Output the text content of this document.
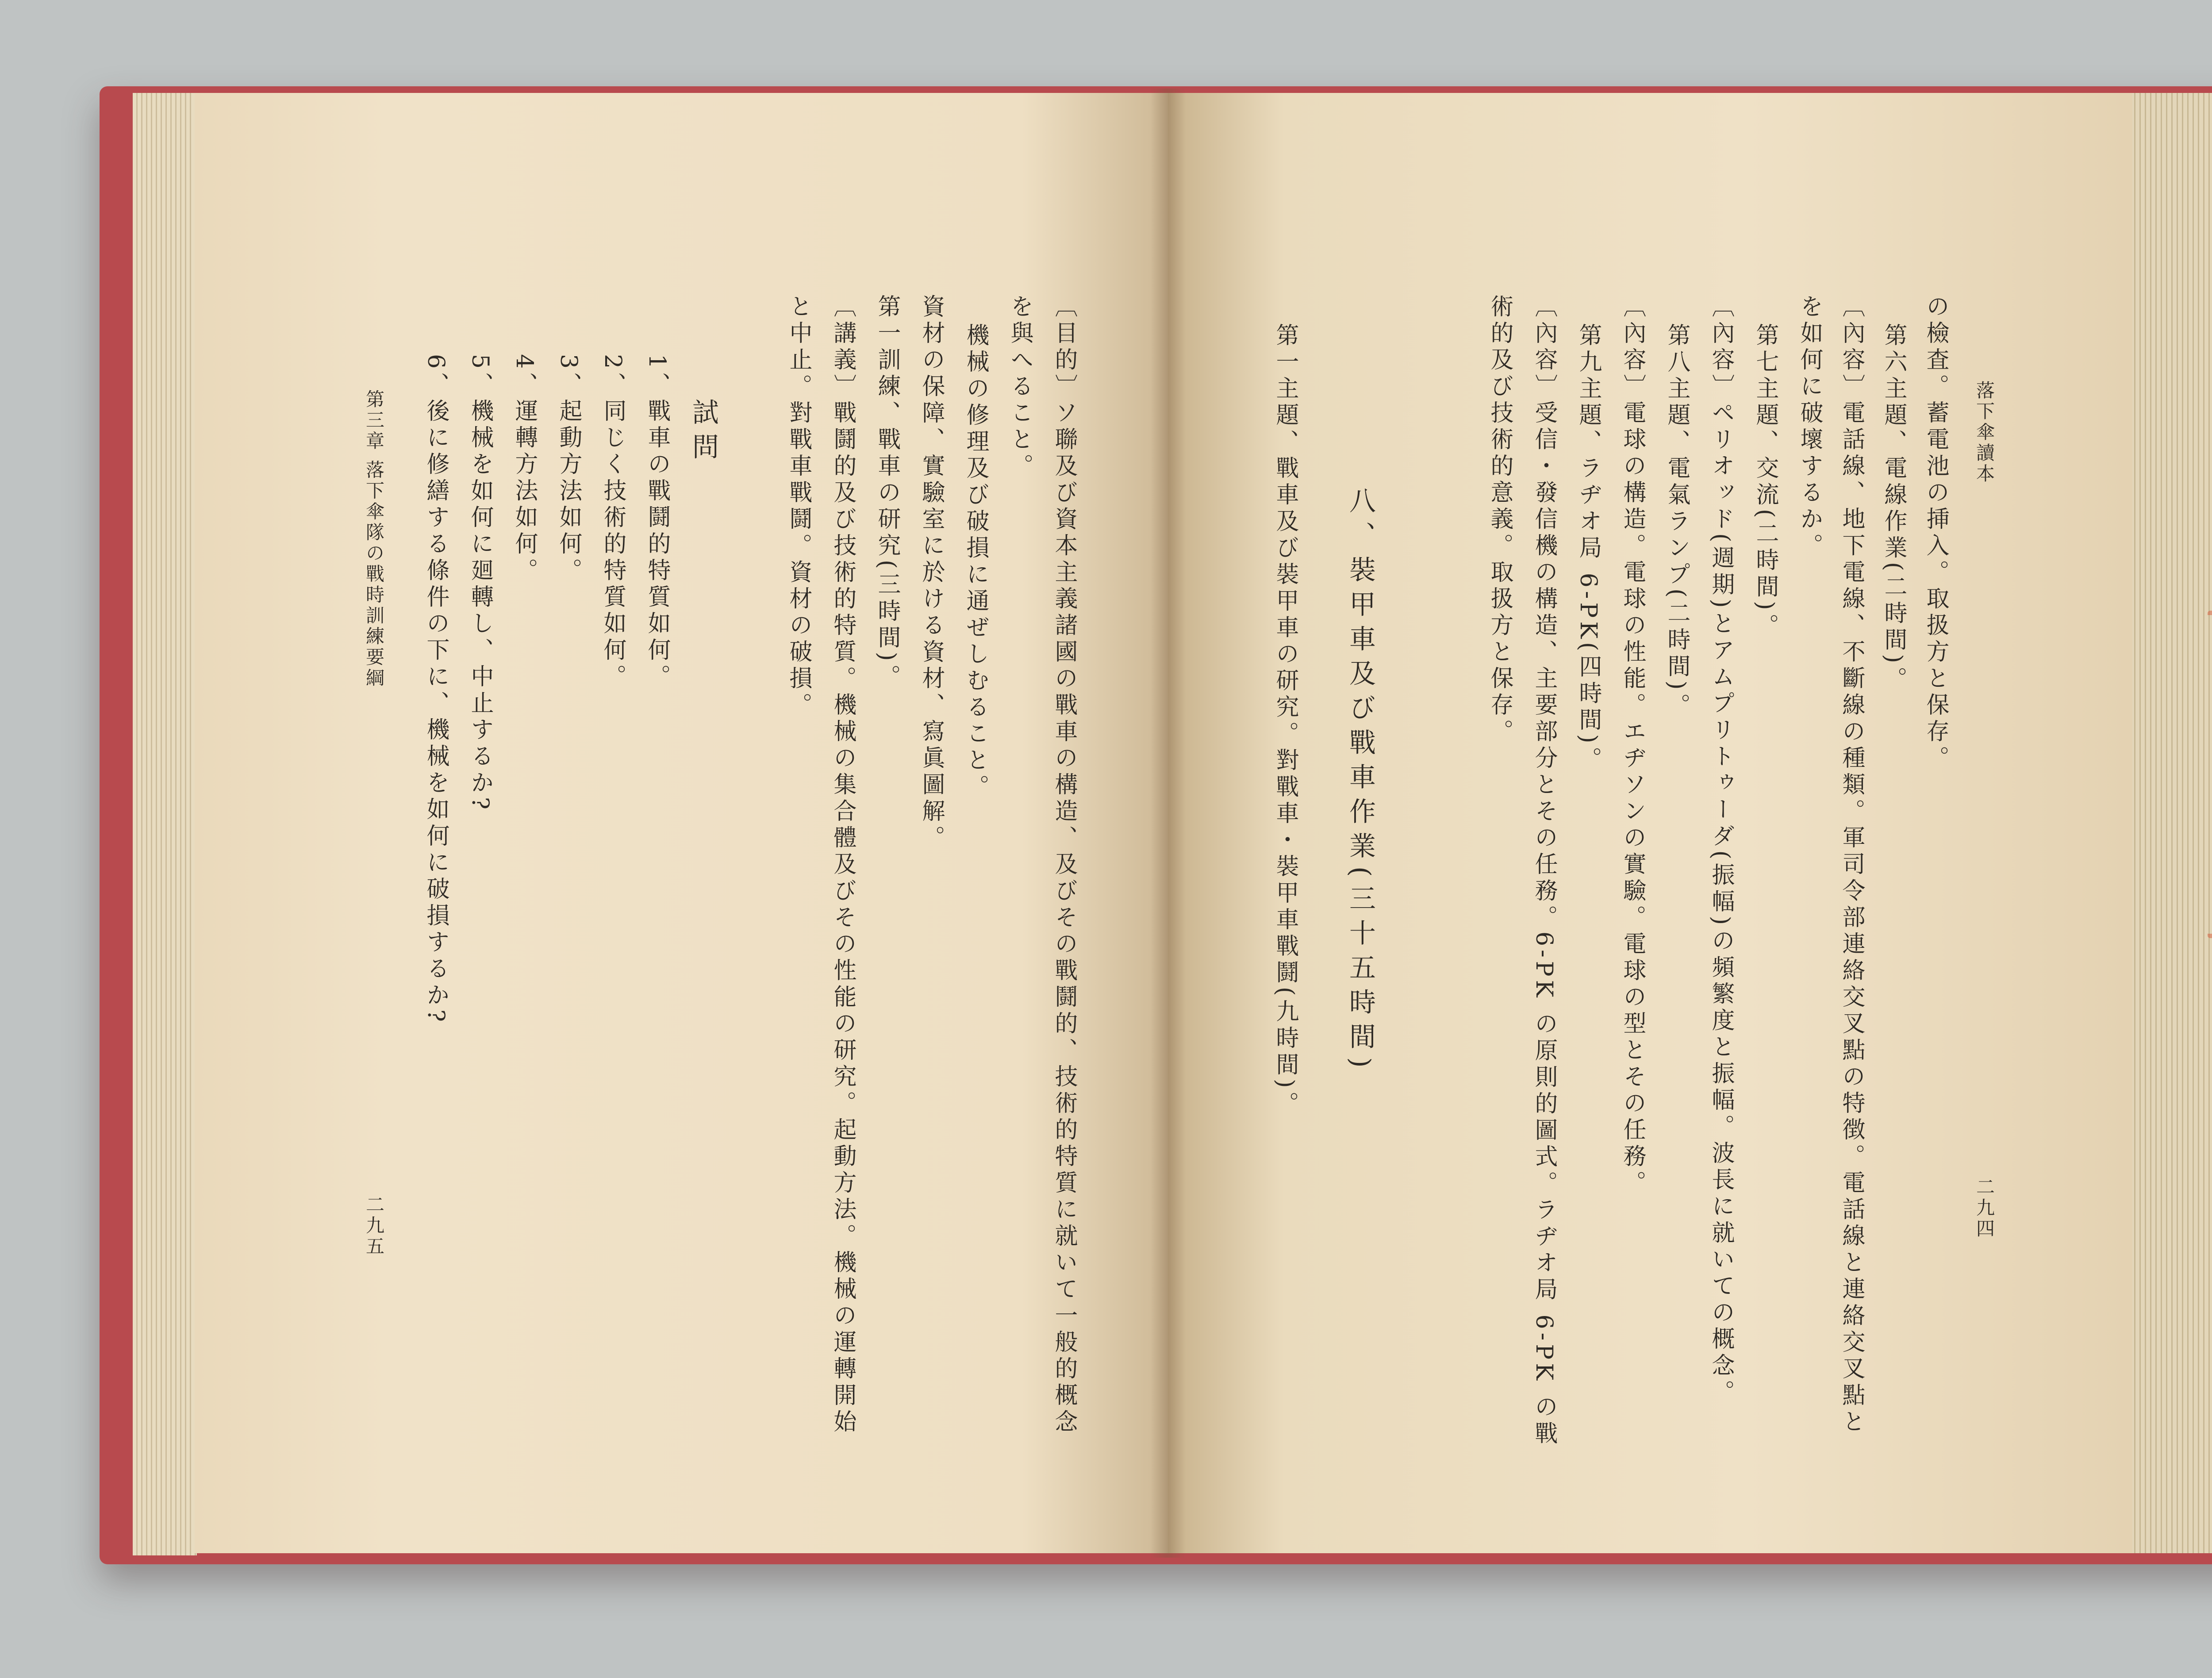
落下傘讀本
二九四
の檢査。蓄電池の挿入。取扱方と保存。
第六主題、電線作業(二時間)。
〔內容〕電話線、地下電線、不斷線の種類。軍司令部連絡交叉點の特徴。電話線と連絡交叉點と
を如何に破壞するか。
第七主題、交流(二時間)。
〔內容〕ペリオッド(週期)とアムプリトゥーダ(振幅)の頻繁度と振幅。波長に就いての概念。
第八主題、電氣ランプ(二時間)。
〔內容〕電球の構造。電球の性能。エヂソンの實驗。電球の型とその任務。
第九主題、ラヂオ局 6-PK(四時間)。
〔內容〕受信・發信機の構造、主要部分とその任務。6-PK の原則的圖式。ラヂオ局 6-PK の戰
術的及び技術的意義。取扱方と保存。
八、裝甲車及び戰車作業(三十五時間)
第一主題、戰車及び裝甲車の研究。對戰車・裝甲車戰鬪(九時間)。
〔目的〕ソ聯及び資本主義諸國の戰車の構造、及びその戰鬪的、技術的特質に就いて一般的概念
を與へること。
機械の修理及び破損に通ぜしむること。
資材の保障、實驗室に於ける資材、寫眞圖解。
第一訓練、戰車の研究(三時間)。
〔講義〕戰鬪的及び技術的特質。機械の集合體及びその性能の研究。起動方法。機械の運轉開始
と中止。對戰車戰鬪。資材の破損。
試問
1、戰車の戰鬪的特質如何。
2、同じく技術的特質如何。
3、起動方法如何。
4、運轉方法如何。
5、機械を如何に廻轉し、中止するか?
6、後に修繕する條件の下に、機械を如何に破損するか?
第三章 落下傘隊の戰時訓練要綱
二九五
